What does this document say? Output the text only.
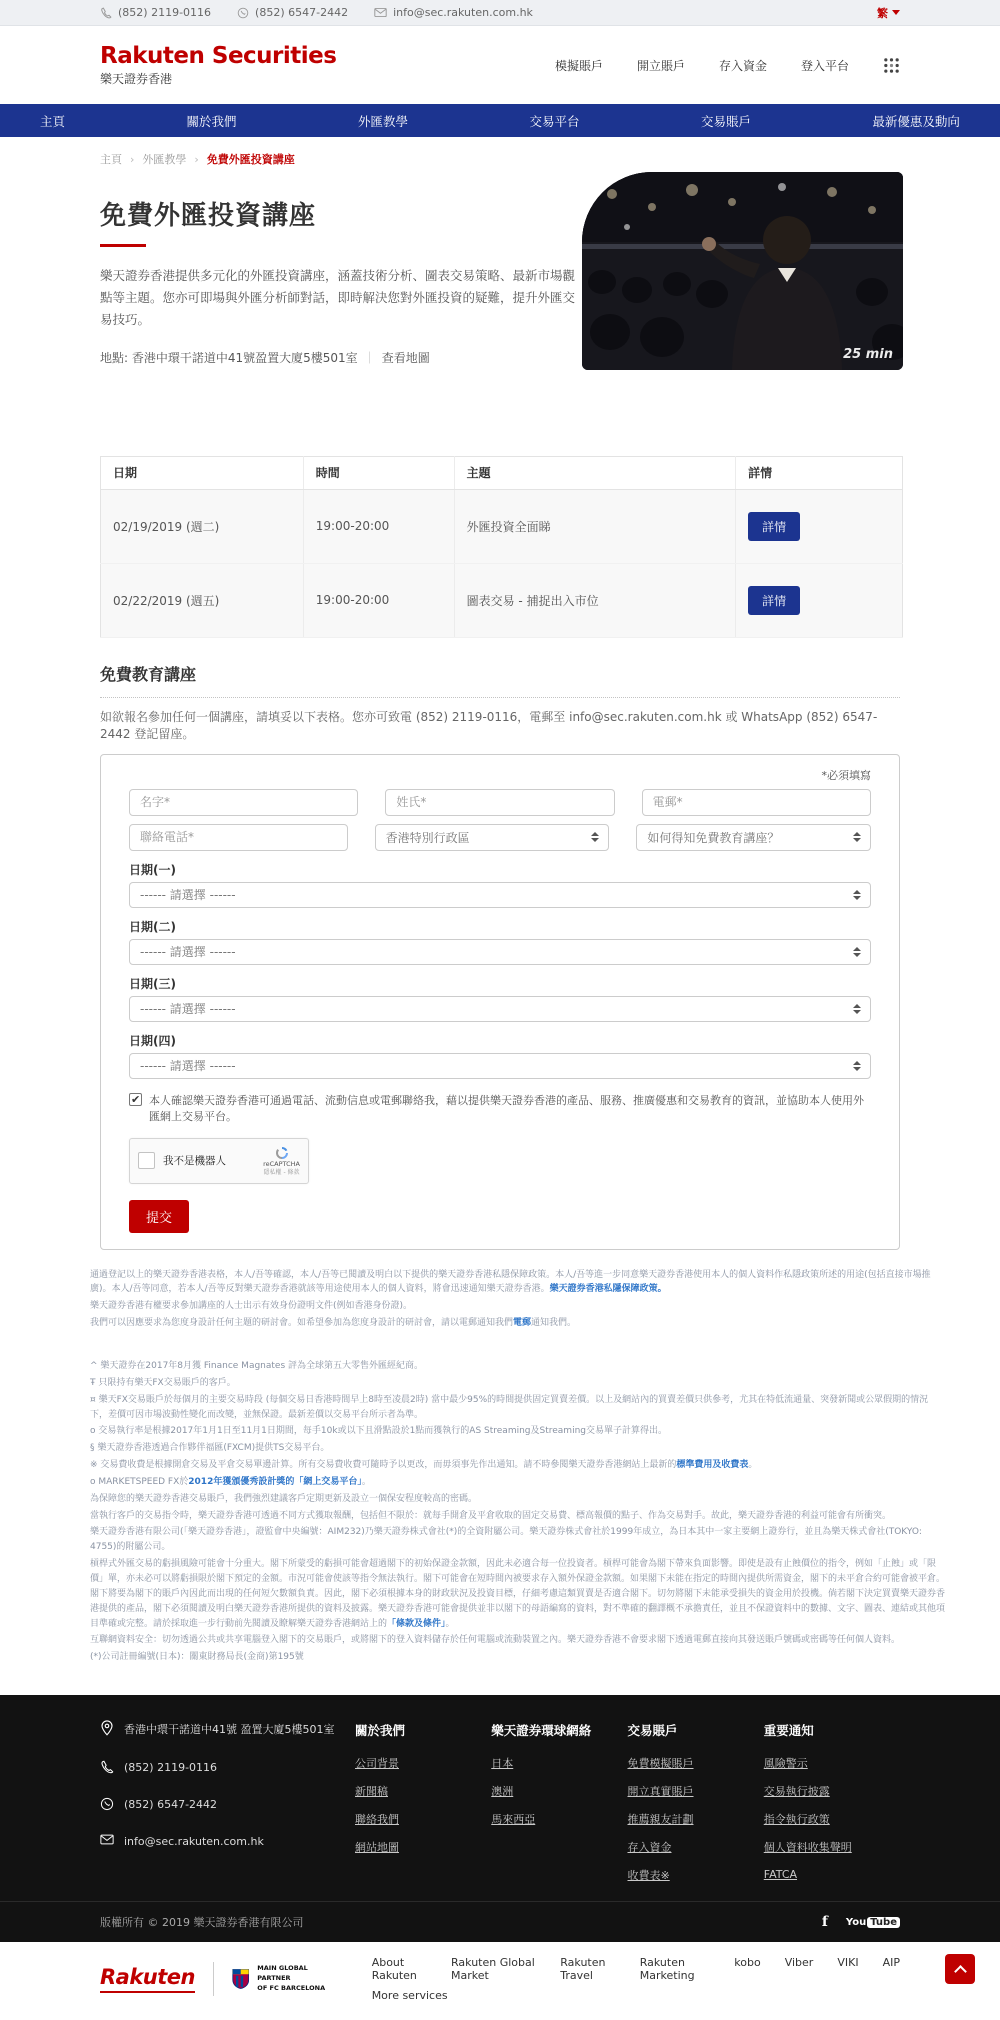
(852) 2119-0116	(852) 6547-2442	info@sec.rakuten.com.hk	繁
Rakuten Securities
樂天證券香港
模擬賬戶	開立賬戶	存入資金	登入平台
主頁	關於我們	外匯教學	交易平台	交易賬戶	最新優惠及動向
主頁 › 外匯教學 › 免費外匯投資講座
免費外匯投資講座

樂天證券香港提供多元化的外匯投資講座，涵蓋技術分析、圖表交易策略、最新市場觀點等主題。您亦可即場與外匯分析師對話，即時解決您對外匯投資的疑難，提升外匯交易技巧。

地點: 香港中環干諾道中41號盈置大廈5樓501室 ｜ 查看地圖
日期	時間	主題	詳情
02/19/2019 (週二)	19:00-20:00	外匯投資全面睇	詳情
02/22/2019 (週五)	19:00-20:00	圖表交易 - 捕捉出入市位	詳情
免費教育講座

如欲報名參加任何一個講座，請填妥以下表格。您亦可致電 (852) 2119-0116，電郵至 info@sec.rakuten.com.hk 或 WhatsApp (852) 6547-2442 登記留座。

*必須填寫
名字*
姓氏*
電郵*
聯絡電話*
香港特別行政區	如何得知免費教育講座？
日期(一)
------ 請選擇 ------
日期(二)
------ 請選擇 ------
日期(三)
------ 請選擇 ------
日期(四)
------ 請選擇 ------
✔
本人確認樂天證券香港可通過電話、流動信息或電郵聯絡我，藉以提供樂天證券香港的產品、服務、推廣優惠和交易教育的資訊，並協助本人使用外匯網上交易平台。
我不是機器人	reCAPTCHA
隱私權 - 條款
提交

通過登記以上的樂天證券香港表格，本人/吾等確認，本人/吾等已閱讀及明白以下提供的樂天證券香港私隱保障政策。本人/吾等進一步同意樂天證券香港使用本人的個人資料作私隱政策所述的用途(包括直接市場推廣)。本人/吾等同意，若本人/吾等反對樂天證券香港就該等用途使用本人的個人資料，將會迅速通知樂天證券香港。樂天證券香港私隱保障政策。

樂天證券香港有權要求參加講座的人士出示有效身份證明文件(例如香港身份證)。

我們可以因應要求為您度身設計任何主題的研討會。如希望參加為您度身設計的研討會，請以電郵通知我們電郵通知我們。

^ 樂天證券在2017年8月獲 Finance Magnates 評為全球第五大零售外匯經紀商。

Ŧ 只限持有樂天FX交易賬戶的客戶。

¤ 樂天FX交易賬戶於每個月的主要交易時段 (每個交易日香港時間早上8時至凌晨2時) 當中最少95%的時間提供固定買賣差價。以上及網站內的買賣差價只供參考，尤其在特低流通量、突發新聞或公眾假期的情況下，差價可因市場波動性變化而改變，並無保證。最新差價以交易平台所示者為準。

o 交易執行率是根據2017年1月1日至11月1日期間，每手10k或以下且滑點設於1點而獲執行的AS Streaming及Streaming交易單子計算得出。

§ 樂天證券香港透過合作夥伴福匯(FXCM)提供TS交易平台。

※ 交易費收費是根據開倉交易及平倉交易單邊計算。所有交易費收費可隨時予以更改，而毋須事先作出通知。請不時參閱樂天證券香港網站上最新的標準費用及收費表。

o MARKETSPEED FX於2012年獲頒優秀設計獎的「網上交易平台」。

為保障您的樂天證券香港交易賬戶，我們強烈建議客戶定期更新及設立一個保安程度較高的密碼。

當執行客戶的交易指令時，樂天證券香港可透過不同方式獲取報酬，包括但不限於：就每手開倉及平倉收取的固定交易費、標高報價的點子、作為交易對手。故此，樂天證券香港的利益可能會有所衝突。

樂天證券香港有限公司(「樂天證券香港」，證監會中央編號：AIM232)乃樂天證券株式會社(*)的全資附屬公司。樂天證券株式會社於1999年成立，為日本其中一家主要網上證券行，並且為樂天株式會社(TOKYO: 4755)的附屬公司。

槓桿式外匯交易的虧損風險可能會十分重大。閣下所蒙受的虧損可能會超過閣下的初始保證金款額，因此未必適合每一位投資者。槓桿可能會為閣下帶來負面影響。即使是設有止蝕價位的指令，例如「止蝕」或「限價」單，亦未必可以將虧損限於閣下預定的金額。市況可能會使該等指令無法執行。閣下可能會在短時間內被要求存入額外保證金款額。如果閣下未能在指定的時間內提供所需資金，閣下的未平倉合約可能會被平倉。閣下將要為閣下的賬戶內因此而出現的任何短欠數額負責。因此，閣下必須根據本身的財政狀況及投資目標，仔細考慮這類買賣是否適合閣下。切勿將閣下未能承受損失的資金用於投機。倘若閣下決定買賣樂天證券香港提供的產品，閣下必須閱讀及明白樂天證券香港所提供的資料及披露。樂天證券香港可能會提供並非以閣下的母語編寫的資料，對不準確的翻譯概不承擔責任，並且不保證資料中的數據、文字、圖表、連結或其他項目準確或完整。請於採取進一步行動前先閱讀及瞭解樂天證券香港網站上的「條款及條件」。

互聯網資料安全：切勿透過公共或共享電腦登入閣下的交易賬戶，或將閣下的登入資料儲存於任何電腦或流動裝置之內。樂天證券香港不會要求閣下透過電郵直接向其發送賬戶號碼或密碼等任何個人資料。

(*)公司註冊編號(日本)：關東財務局長(金商)第195號

香港中環干諾道中41號 盈置大廈5樓501室
(852) 2119-0116
(852) 6547-2442
info@sec.rakuten.com.hk
關於我們
公司背景
新聞稿
聯絡我們
網站地圖
樂天證券環球網絡
日本
澳洲
馬來西亞
交易賬戶
免費模擬賬戶
開立真實賬戶
推薦親友計劃
存入資金
收費表※
重要通知
風險警示
交易執行披露
指令執行政策
個人資料收集聲明
FATCA
版權所有 © 2019 樂天證券香港有限公司	f You Tube
Rakuten	MAIN GLOBAL PARTNER
OF FC BARCELONA
About Rakuten
Rakuten Global Market
Rakuten Travel
Rakuten Marketing
kobo Viber VIKI AIP
More services
25 min
